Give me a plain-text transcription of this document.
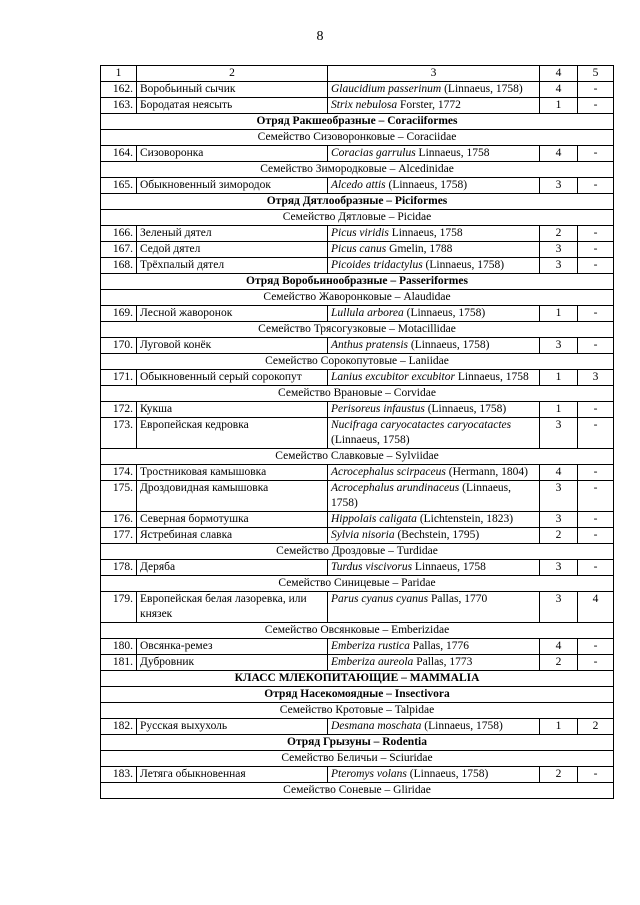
8
1	2	3	4	5
162.	Воробьиный сычик	Glaucidium passerinum (Linnaeus, 1758)	4	-
163.	Бородатая неясыть	Strix nebulosa Forster, 1772	1	-
Отряд Ракшеобразные – Coraciiformes				
Семейство Сизоворонковые – Coraciidae				
164.	Сизоворонка	Coracias garrulus Linnaeus, 1758	4	-
Семейство Зимородковые – Alcedinidae				
165.	Обыкновенный зимородок	Alcedo attis (Linnaeus, 1758)	3	-
Отряд Дятлообразные – Piciformes				
Семейство Дятловые – Picidae				
166.	Зеленый дятел	Picus viridis Linnaeus, 1758	2	-
167.	Седой дятел	Picus canus Gmelin, 1788	3	-
168.	Трёхпалый дятел	Picoides tridactylus (Linnaeus, 1758)	3	-
Отряд Воробьинообразные – Passeriformes				
Семейство Жаворонковые – Alaudidae				
169.	Лесной жаворонок	Lullula arborea (Linnaeus, 1758)	1	-
Семейство Трясогузковые – Motacillidae				
170.	Луговой конёк	Anthus pratensis (Linnaeus, 1758)	3	-
Семейство Сорокопутовые – Laniidae				
171.	Обыкновенный серый сорокопут	Lanius excubitor excubitor Linnaeus, 1758	1	3
Семейство Врановые – Corvidae				
172.	Кукша	Perisoreus infaustus (Linnaeus, 1758)	1	-
173.	Европейская кедровка	Nucifraga caryocatactes caryocatactes (Linnaeus, 1758)	3	-
Семейство Славковые – Sylviidae				
174.	Тростниковая камышовка	Acrocephalus scirpaceus (Hermann, 1804)	4	-
175.	Дроздовидная камышовка	Acrocephalus arundinaceus (Linnaeus, 1758)	3	-
176.	Северная бормотушка	Hippolais caligata (Lichtenstein, 1823)	3	-
177.	Ястребиная славка	Sylvia nisoria (Bechstein, 1795)	2	-
Семейство Дроздовые – Turdidae				
178.	Деряба	Turdus viscivorus Linnaeus, 1758	3	-
Семейство Синицевые – Paridae				
179.	Европейская белая лазоревка, или князек	Parus cyanus cyanus Pallas, 1770	3	4
Семейство Овсянковые – Emberizidae				
180.	Овсянка-ремез	Emberiza rustica Pallas, 1776	4	-
181.	Дубровник	Emberiza aureola Pallas, 1773	2	-
КЛАСС МЛЕКОПИТАЮЩИЕ – MAMMALIA				
Отряд Насекомоядные – Insectivora				
Семейство Кротовые – Talpidae				
182.	Русская выхухоль	Desmana moschata (Linnaeus, 1758)	1	2
Отряд Грызуны – Rodentia				
Семейство Беличьи – Sciuridae				
183.	Летяга обыкновенная	Pteromys volans (Linnaeus, 1758)	2	-
Семейство Соневые – Gliridae				
